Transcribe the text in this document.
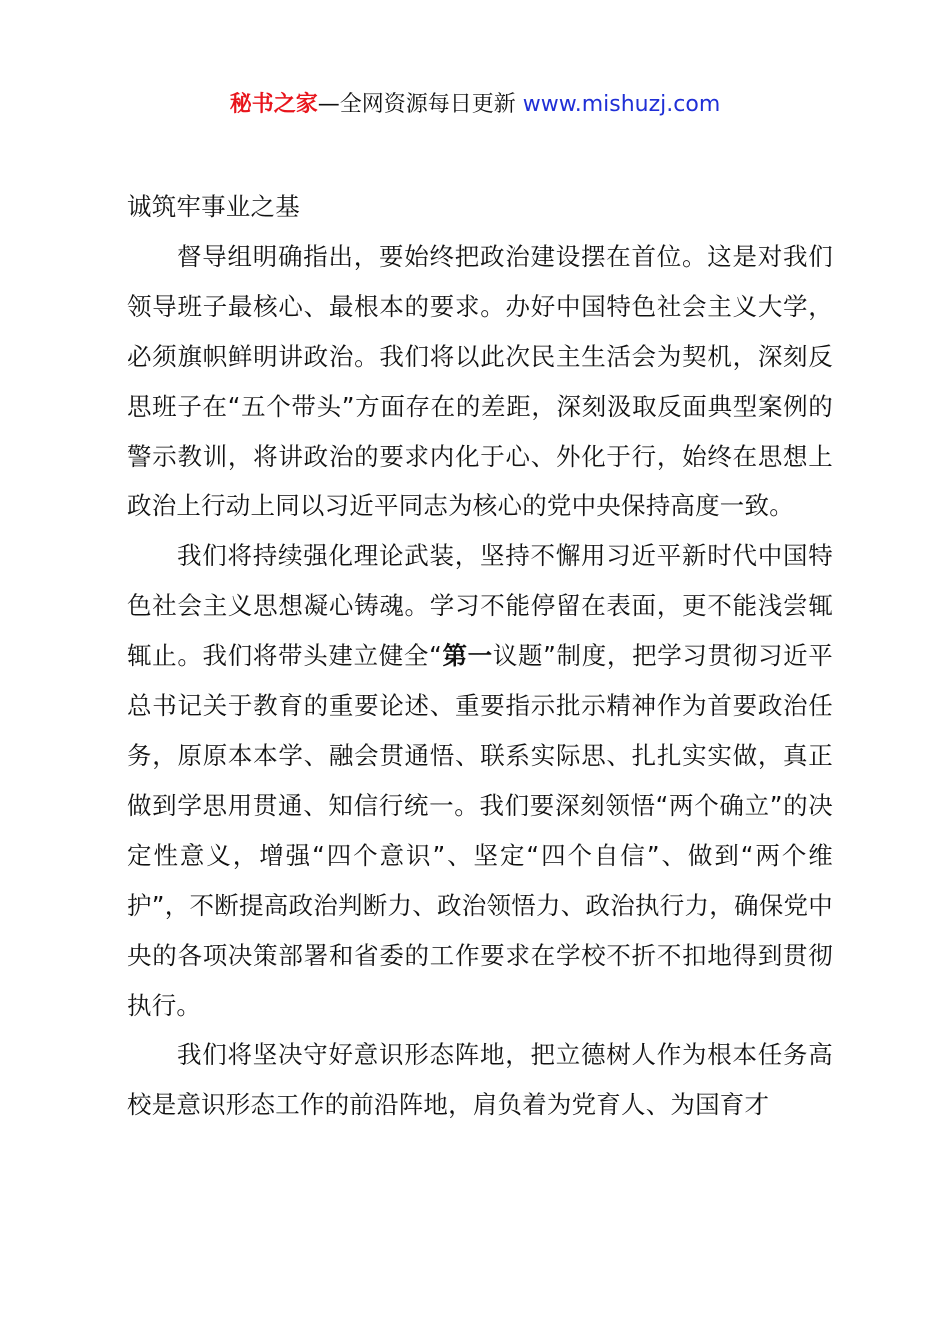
秘书之家—全网资源每日更新 www.mishuzj.com

诚筑牢事业之基

督导组明确指出，要始终把政治建设摆在首位。这是对我们领导班子最核心、最根本的要求。办好中国特色社会主义大学，必须旗帜鲜明讲政治。我们将以此次民主生活会为契机，深刻反思班子在“五个带头”方面存在的差距，深刻汲取反面典型案例的警示教训，将讲政治的要求内化于心、外化于行，始终在思想上政治上行动上同以习近平同志为核心的党中央保持高度一致。

我们将持续强化理论武装，坚持不懈用习近平新时代中国特色社会主义思想凝心铸魂。学习不能停留在表面，更不能浅尝辄辄止。我们将带头建立健全“第一议题”制度，把学习贯彻习近平总书记关于教育的重要论述、重要指示批示精神作为首要政治任务，原原本本学、融会贯通悟、联系实际思、扎扎实实做，真正做到学思用贯通、知信行统一。我们要深刻领悟“两个确立”的决定性意义，增强“四个意识”、坚定“四个自信”、做到“两个维护”，不断提高政治判断力、政治领悟力、政治执行力，确保党中央的各项决策部署和省委的工作要求在学校不折不扣地得到贯彻执行。

我们将坚决守好意识形态阵地，把立德树人作为根本任务高校是意识形态工作的前沿阵地，肩负着为党育人、为国育才
